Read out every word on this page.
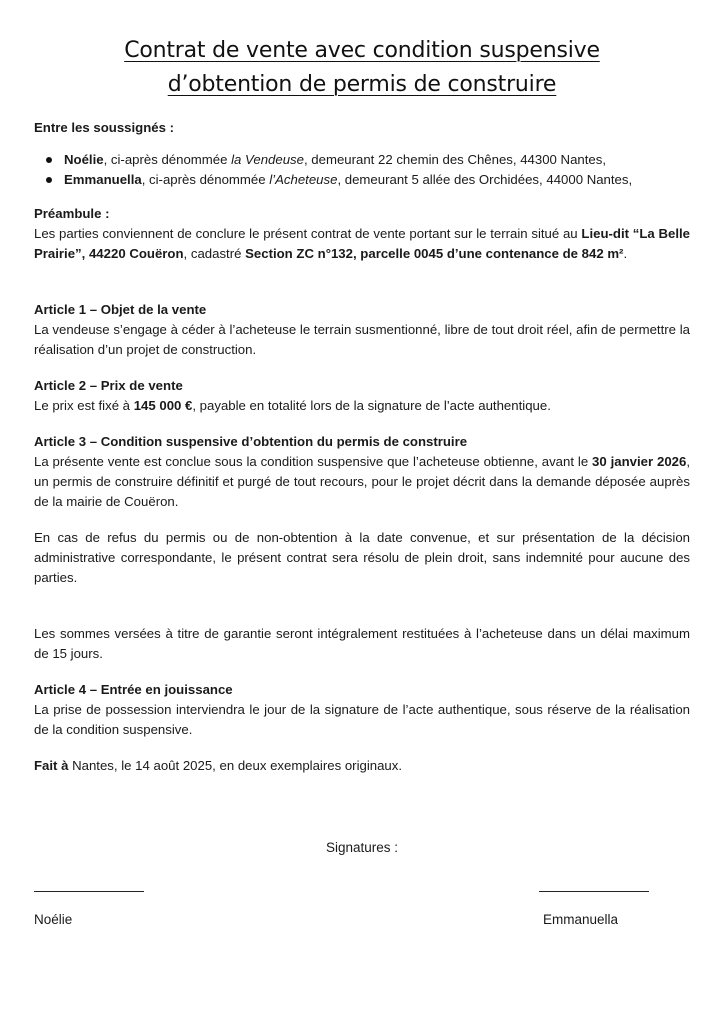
Contrat de vente avec condition suspensive
d’obtention de permis de construire
Entre les soussignés :
Noélie, ci-après dénommée la Vendeuse, demeurant 22 chemin des Chênes, 44300 Nantes,
Emmanuella, ci-après dénommée l’Acheteuse, demeurant 5 allée des Orchidées, 44000 Nantes,
Préambule :
Les parties conviennent de conclure le présent contrat de vente portant sur le terrain situé au Lieu-dit “La Belle Prairie”, 44220 Couëron, cadastré Section ZC n°132, parcelle 0045 d’une contenance de 842 m².
Article 1 – Objet de la vente
La vendeuse s’engage à céder à l’acheteuse le terrain susmentionné, libre de tout droit réel, afin de permettre la réalisation d’un projet de construction.
Article 2 – Prix de vente
Le prix est fixé à 145 000 €, payable en totalité lors de la signature de l’acte authentique.
Article 3 – Condition suspensive d’obtention du permis de construire
La présente vente est conclue sous la condition suspensive que l’acheteuse obtienne, avant le 30 janvier 2026, un permis de construire définitif et purgé de tout recours, pour le projet décrit dans la demande déposée auprès de la mairie de Couëron.
En cas de refus du permis ou de non-obtention à la date convenue, et sur présentation de la décision administrative correspondante, le présent contrat sera résolu de plein droit, sans indemnité pour aucune des parties.
Les sommes versées à titre de garantie seront intégralement restituées à l’acheteuse dans un délai maximum de 15 jours.
Article 4 – Entrée en jouissance
La prise de possession interviendra le jour de la signature de l’acte authentique, sous réserve de la réalisation de la condition suspensive.
Fait à Nantes, le 14 août 2025, en deux exemplaires originaux.
Signatures :
Noélie	Emmanuella
